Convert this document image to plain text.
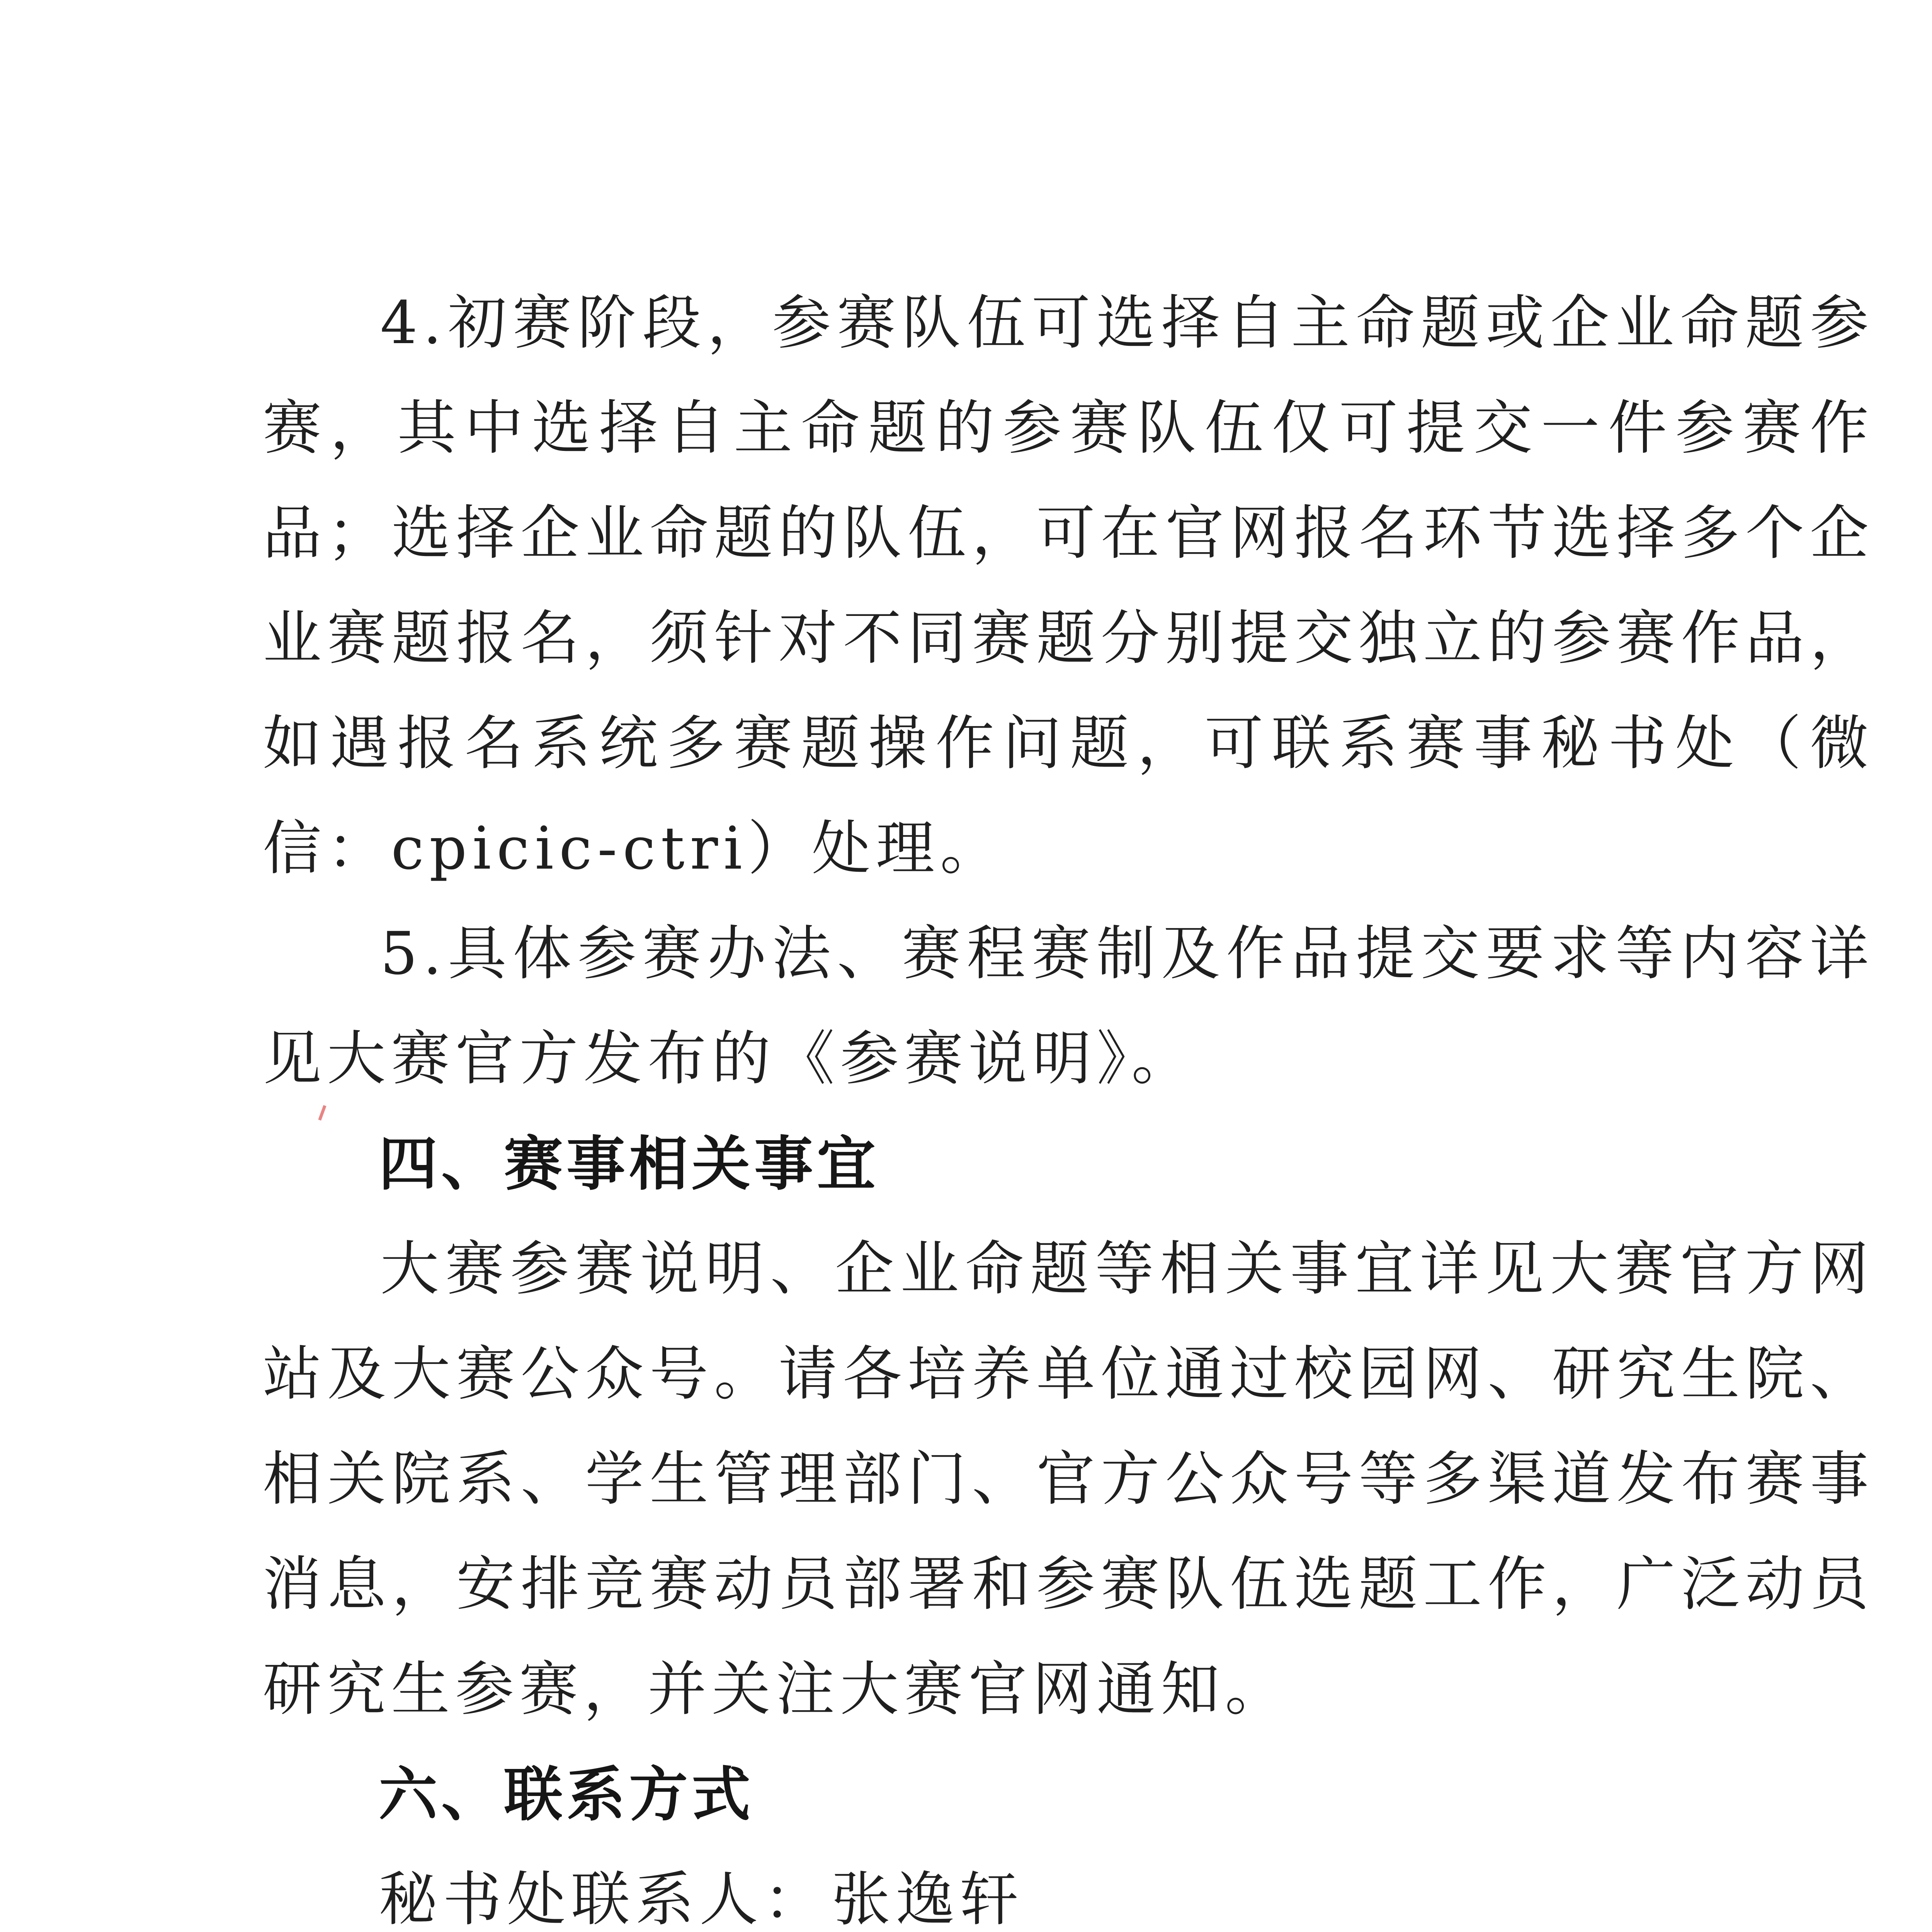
4.初赛阶段，参赛队伍可选择自主命题或企业命题参赛，其中选择自主命题的参赛队伍仅可提交一件参赛作品；选择企业命题的队伍，可在官网报名环节选择多个企业赛题报名，须针对不同赛题分别提交独立的参赛作品，如遇报名系统多赛题操作问题，可联系赛事秘书处（微信：cpicic-ctri）处理。

5.具体参赛办法、赛程赛制及作品提交要求等内容详见大赛官方发布的《参赛说明》。

四、赛事相关事宜

大赛参赛说明、企业命题等相关事宜详见大赛官方网站及大赛公众号。请各培养单位通过校园网、研究生院、相关院系、学生管理部门、官方公众号等多渠道发布赛事消息，安排竞赛动员部署和参赛队伍选题工作，广泛动员研究生参赛，并关注大赛官网通知。

六、联系方式

秘书处联系人：张逸轩
